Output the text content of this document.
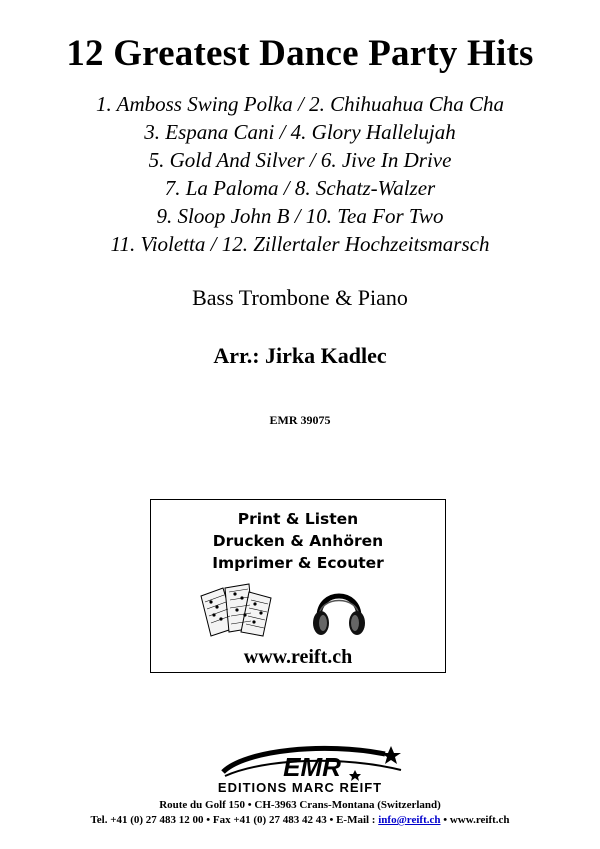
12 Greatest Dance Party Hits
1. Amboss Swing Polka / 2. Chihuahua Cha Cha
3. Espana Cani / 4. Glory Hallelujah
5. Gold And Silver / 6. Jive In Drive
7. La Paloma / 8. Schatz-Walzer
9. Sloop John B / 10. Tea For Two
11. Violetta / 12. Zillertaler Hochzeitsmarsch
Bass Trombone & Piano
Arr.: Jirka Kadlec
EMR 39075
Print & Listen
Drucken & Anhören
Imprimer & Ecouter
www.reift.ch
EMR
EDITIONS MARC REIFT
Route du Golf 150 • CH-3963 Crans-Montana (Switzerland)
Tel. +41 (0) 27 483 12 00 • Fax +41 (0) 27 483 42 43 • E-Mail : info@reift.ch • www.reift.ch
